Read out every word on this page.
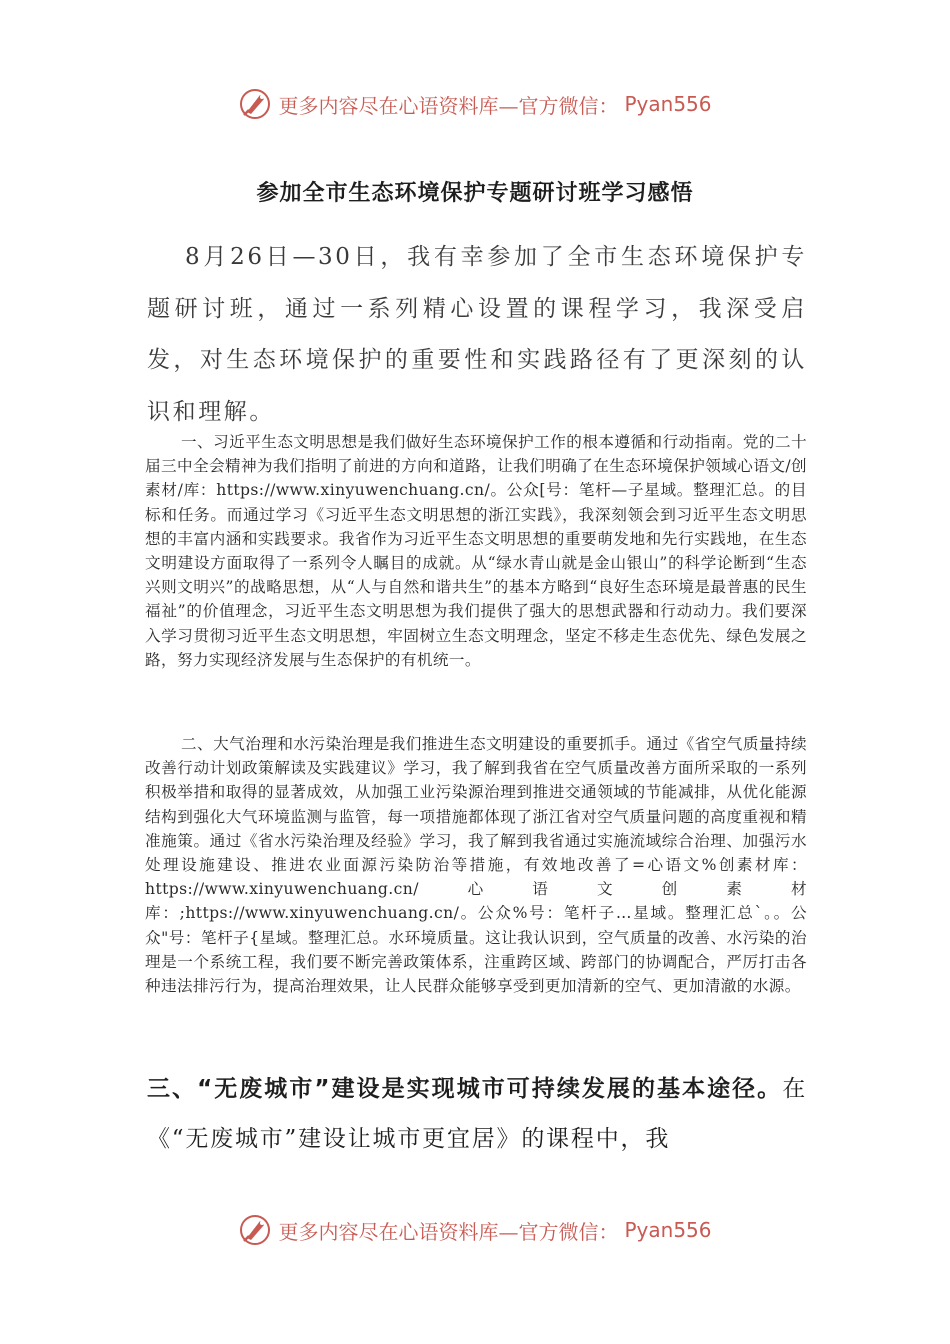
更多内容尽在心语资料库—官方微信： Pyan556
参加全市生态环境保护专题研讨班学习感悟

8月26日—30日，我有幸参加了全市生态环境保护专题研讨班，通过一系列精心设置的课程学习，我深受启发，对生态环境保护的重要性和实践路径有了更深刻的认识和理解。

一、习近平生态文明思想是我们做好生态环境保护工作的根本遵循和行动指南。党的二十届三中全会精神为我们指明了前进的方向和道路，让我们明确了在生态环境保护领域心语文/创素材/库：https://www.xinyuwenchuang.cn/。公众[号：笔杆—子星域。整理汇总。的目标和任务。而通过学习《习近平生态文明思想的浙江实践》，我深刻领会到习近平生态文明思想的丰富内涵和实践要求。我省作为习近平生态文明思想的重要萌发地和先行实践地，在生态文明建设方面取得了一系列令人瞩目的成就。从“绿水青山就是金山银山”的科学论断到“生态兴则文明兴”的战略思想，从“人与自然和谐共生”的基本方略到“良好生态环境是最普惠的民生福祉”的价值理念，习近平生态文明思想为我们提供了强大的思想武器和行动动力。我们要深入学习贯彻习近平生态文明思想，牢固树立生态文明理念，坚定不移走生态优先、绿色发展之路，努力实现经济发展与生态保护的有机统一。

二、大气治理和水污染治理是我们推进生态文明建设的重要抓手。通过《省空气质量持续改善行动计划政策解读及实践建议》学习，我了解到我省在空气质量改善方面所采取的一系列积极举措和取得的显著成效，从加强工业污染源治理到推进交通领域的节能减排，从优化能源结构到强化大气环境监测与监管，每一项措施都体现了浙江省对空气质量问题的高度重视和精准施策。通过《省水污染治理及经验》学习，我了解到我省通过实施流域综合治理、加强污水处理设施建设、推进农业面源污染防治等措施，有效地改善了=心语文%创素材库：https://www.xinyuwenchuang.cn/心语文创素材库：;https://www.xinyuwenchuang.cn/。公众%号：笔杆子…星域。整理汇总`。。公众"号：笔杆子{星域。整理汇总。水环境质量。这让我认识到，空气质量的改善、水污染的治理是一个系统工程，我们要不断完善政策体系，注重跨区域、跨部门的协调配合，严厉打击各种违法排污行为，提高治理效果，让人民群众能够享受到更加清新的空气、更加清澈的水源。

三、“无废城市”建设是实现城市可持续发展的基本途径。在《“无废城市”建设让城市更宜居》的课程中，我

更多内容尽在心语资料库—官方微信： Pyan556
